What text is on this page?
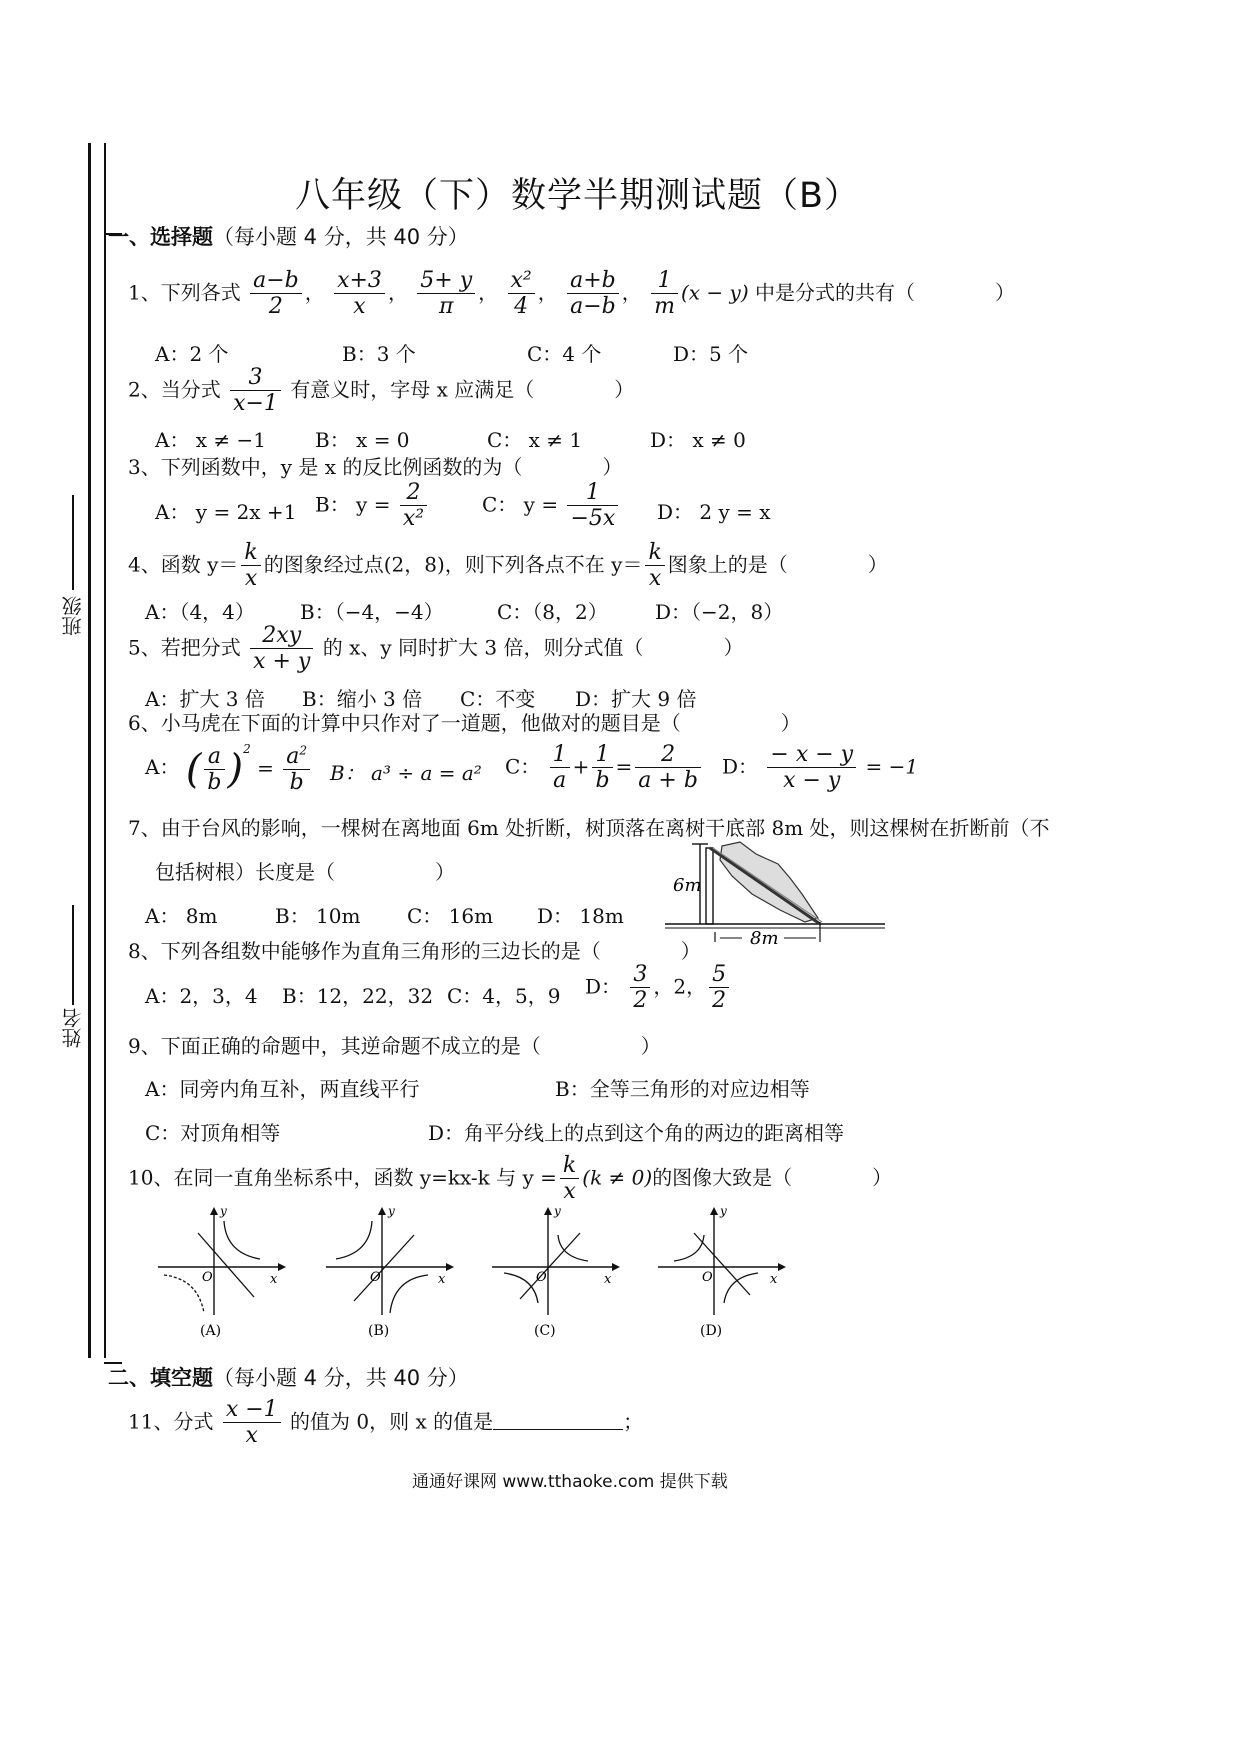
班级
姓名
八年级（下）数学半期测试题（B）
一、选择题（每小题 4 分，共 40 分）
1、下列各式 $\frac{a-b}{2}$ ， $\frac{x+3}{x}$ ， $\frac{5+ y}{\pi}$ ， $\frac{\text{x²}}{4}$ ， $\frac{a+b}{a-b}$ ， $\frac{1}{m} (x - y)$ 中是分式的共有（　　　　）
A：2 个	B：3 个	C：4 个	D：5 个
2、当分式 $\frac{3}{x-1}$ 有意义时，字母 x 应满足（　　　　）
A： x ≠ −1 B： x = 0	C： x ≠ 1	D： x ≠ 0
3、下列函数中，y 是 x 的反比例函数的为（　　　　）
A： y = 2x +1 B： $y = \frac{2}{\text{x²}}$	C： $y = \frac{1}{-5x}$ D： 2 y = x
4、函数 $y= \frac{k}{x}$ 的图象经过点(2，8)，则下列各点不在 $y= \frac{k}{x}$ 图象上的是（　　　　）
A：（4，4） B：（−4，−4）	C：（8，2） D：（−2，8）
5、若把分式 $\frac{2xy}{x + y}$ 的 x、y 同时扩大 3 倍，则分式值（　　　　）
A：扩大 3 倍 B：缩小 3 倍 C：不变 D：扩大 9 倍
6、小马虎在下面的计算中只作对了一道题，他做对的题目是（　　　　　）
A： ( $\frac{a}{b} )^2 = \frac{a^2}{b}$ B： a³ ÷ a = a² C： $\frac{1}{a} + \frac{1}{b} = \frac{2}{a + b}$ D： $\frac{- x - y}{x - y} = -1$
7、由于台风的影响，一棵树在离地面 6m 处折断，树顶落在离树干底部 8m 处，则这棵树在折断前（不
包括树根）长度是（　　　　　）
A： 8m	B： 10m C： 16m D： 18m
6m
8m
8、下列各组数中能够作为直角三角形的三边长的是（　　　　）
A：2，3，4 B：12，22，32 C：4，5，9 D： $\frac{3}{2}$ ，2， $\frac{5}{2}$
9、下面正确的命题中，其逆命题不成立的是（　　　　　）
A：同旁内角互补，两直线平行	B：全等三角形的对应边相等
C：对顶角相等	D：角平分线上的点到这个角的两边的距离相等
10、在同一直角坐标系中，函数 y=kx-k 与 $y = \frac{k}{x} (k \ne 0)$的图像大致是（　　　　）
y
x
O
(A)
y
x
O
(B)
y
x
O
(C)
y
x
O
(D)
二、填空题（每小题 4 分，共 40 分）
11、分式 $\frac{x -1}{x}$ 的值为 0，则 x 的值是	；
通通好课网 www.tthaoke.com 提供下载
